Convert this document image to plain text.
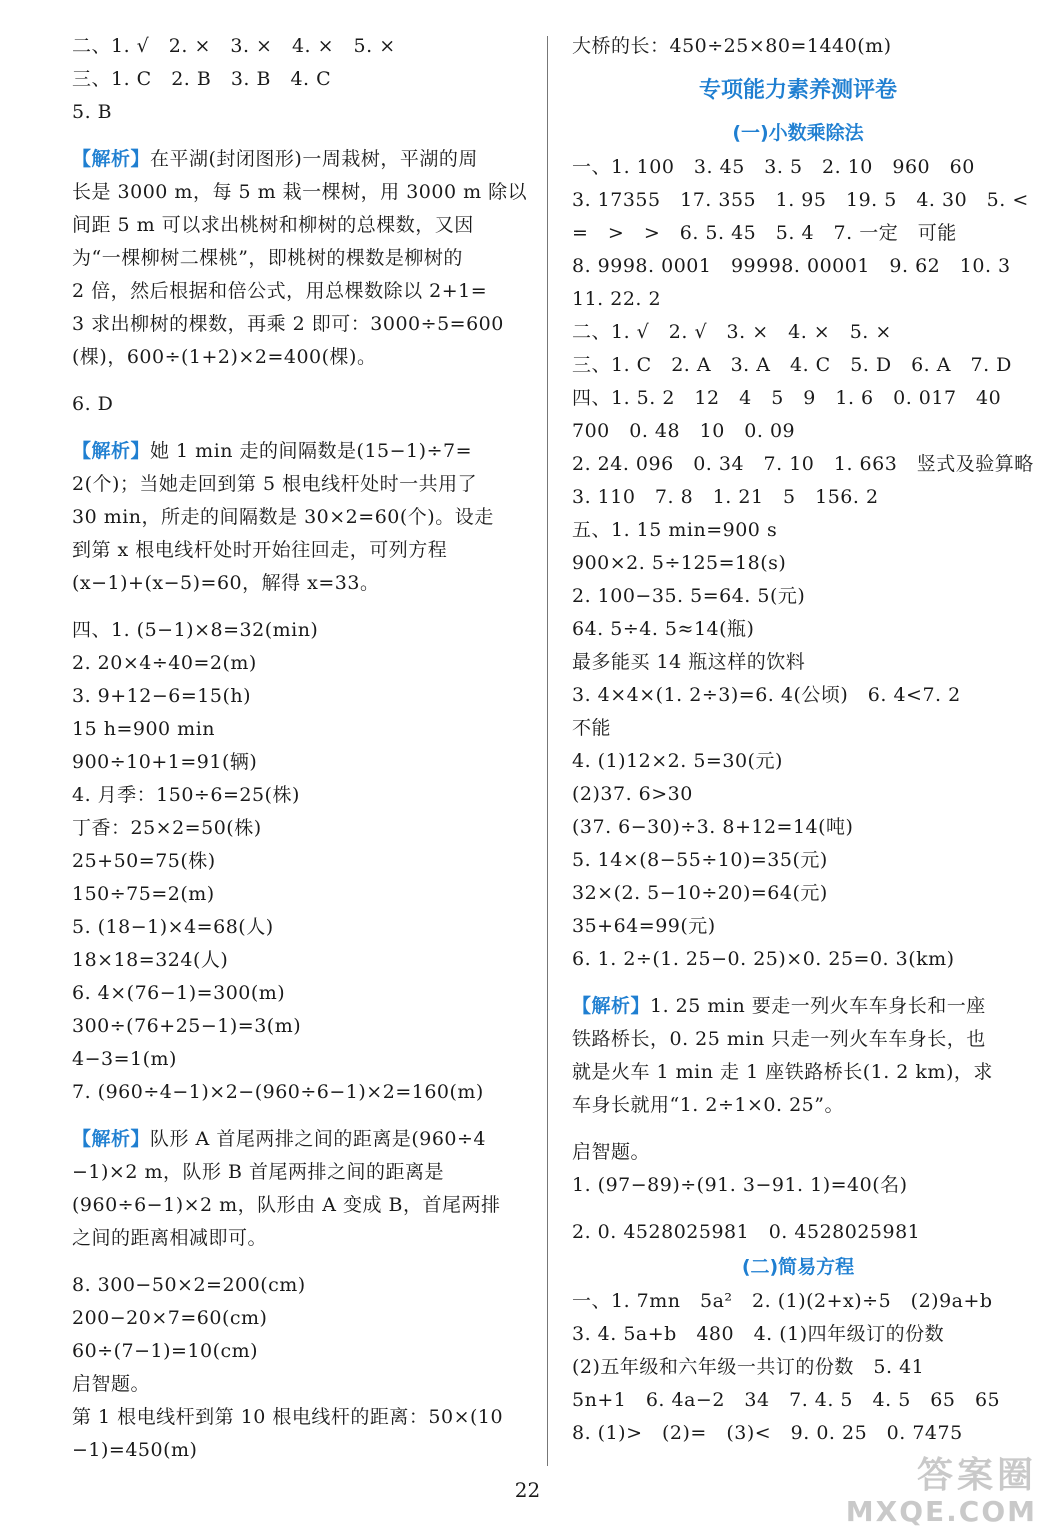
二、1. √　2. ×　3. ×　4. ×　5. ×
三、1. C　2. B　3. B　4. C
5. B
【解析】在平湖(封闭图形)一周栽树，平湖的周
长是 3000 m，每 5 m 栽一棵树，用 3000 m 除以
间距 5 m 可以求出桃树和柳树的总棵数，又因
为“一棵柳树二棵桃”，即桃树的棵数是柳树的
2 倍，然后根据和倍公式，用总棵数除以 2+1=
3 求出柳树的棵数，再乘 2 即可：3000÷5=600
(棵)，600÷(1+2)×2=400(棵)。
6. D
【解析】她 1 min 走的间隔数是(15−1)÷7=
2(个)；当她走回到第 5 根电线杆处时一共用了
30 min，所走的间隔数是 30×2=60(个)。设走
到第 x 根电线杆处时开始往回走，可列方程
(x−1)+(x−5)=60，解得 x=33。
四、1. (5−1)×8=32(min)
2. 20×4÷40=2(m)
3. 9+12−6=15(h)
15 h=900 min
900÷10+1=91(辆)
4. 月季：150÷6=25(株)
丁香：25×2=50(株)
25+50=75(株)
150÷75=2(m)
5. (18−1)×4=68(人)
18×18=324(人)
6. 4×(76−1)=300(m)
300÷(76+25−1)=3(m)
4−3=1(m)
7. (960÷4−1)×2−(960÷6−1)×2=160(m)
【解析】队形 A 首尾两排之间的距离是(960÷4
−1)×2 m，队形 B 首尾两排之间的距离是
(960÷6−1)×2 m，队形由 A 变成 B，首尾两排
之间的距离相减即可。
8. 300−50×2=200(cm)
200−20×7=60(cm)
60÷(7−1)=10(cm)
启智题。
第 1 根电线杆到第 10 根电线杆的距离：50×(10
−1)=450(m)
大桥的长：450÷25×80=1440(m)
专项能力素养测评卷
(一)小数乘除法
一、1. 100　3. 45　3. 5　2. 10　960　60
3. 17355　17. 355　1. 95　19. 5　4. 30　5. <
=　>　>　6. 5. 45　5. 4　7. 一定　可能
8. 9998. 0001　99998. 00001　9. 62　10. 3
11. 22. 2
二、1. √　2. √　3. ×　4. ×　5. ×
三、1. C　2. A　3. A　4. C　5. D　6. A　7. D
四、1. 5. 2　12　4　5　9　1. 6　0. 017　40
700　0. 48　10　0. 09
2. 24. 096　0. 34　7. 10　1. 663　竖式及验算略
3. 110　7. 8　1. 21　5　156. 2
五、1. 15 min=900 s
900×2. 5÷125=18(s)
2. 100−35. 5=64. 5(元)
64. 5÷4. 5≈14(瓶)
最多能买 14 瓶这样的饮料
3. 4×4×(1. 2÷3)=6. 4(公顷)　6. 4<7. 2
不能
4. (1)12×2. 5=30(元)
(2)37. 6>30
(37. 6−30)÷3. 8+12=14(吨)
5. 14×(8−55÷10)=35(元)
32×(2. 5−10÷20)=64(元)
35+64=99(元)
6. 1. 2÷(1. 25−0. 25)×0. 25=0. 3(km)
【解析】1. 25 min 要走一列火车车身长和一座
铁路桥长，0. 25 min 只走一列火车车身长，也
就是火车 1 min 走 1 座铁路桥长(1. 2 km)，求
车身长就用“1. 2÷1×0. 25”。
启智题。
1. (97−89)÷(91. 3−91. 1)=40(名)
2. 0. 4528025981　0. 4528025981
(二)简易方程
一、1. 7mn　5a²　2. (1)(2+x)÷5　(2)9a+b
3. 4. 5a+b　480　4. (1)四年级订的份数
(2)五年级和六年级一共订的份数　5. 41
5n+1　6. 4a−2　34　7. 4. 5　4. 5　65　65
8. (1)>　(2)=　(3)<　9. 0. 25　0. 7475
22	答案圈
MXQE.COM
